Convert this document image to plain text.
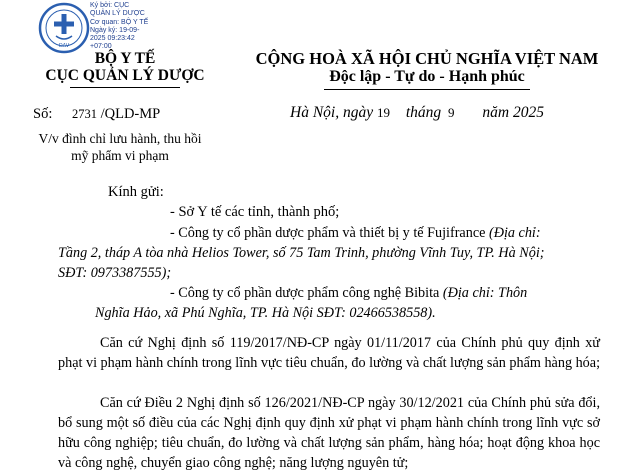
DAV
Ký bởi: CỤC QUẢN LÝ DƯỢC
Cơ quan: BỘ Y TẾ
Ngày ký: 19-09-2025 09:23:42
+07:00
BỘ Y TẾ
CỤC QUẢN LÝ DƯỢC
CỘNG HOÀ XÃ HỘI CHỦ NGHĨA VIỆT NAM
Độc lập - Tự do - Hạnh phúc
Số: 2731 /QLD-MP	Hà Nội, ngày 19 tháng 9 năm 2025
V/v đình chỉ lưu hành, thu hồi
mỹ phẩm vi phạm
Kính gửi:
- Sở Y tế các tỉnh, thành phố;
- Công ty cổ phần dược phẩm và thiết bị y tế Fujifrance (Địa chỉ:
Tầng 2, tháp A tòa nhà Helios Tower, số 75 Tam Trinh, phường Vĩnh Tuy, TP. Hà Nội;
SĐT: 0973387555);
- Công ty cổ phần dược phẩm công nghệ Bibita (Địa chỉ: Thôn
Nghĩa Hảo, xã Phú Nghĩa, TP. Hà Nội SĐT: 02466538558).
Căn cứ Nghị định số 119/2017/NĐ-CP ngày 01/11/2017 của Chính phủ quy định xử phạt vi phạm hành chính trong lĩnh vực tiêu chuẩn, đo lường và chất lượng sản phẩm hàng hóa;
Căn cứ Điều 2 Nghị định số 126/2021/NĐ-CP ngày 30/12/2021 của Chính phủ sửa đổi, bổ sung một số điều của các Nghị định quy định xử phạt vi phạm hành chính trong lĩnh vực sở hữu công nghiệp; tiêu chuẩn, đo lường và chất lượng sản phẩm, hàng hóa; hoạt động khoa học và công nghệ, chuyển giao công nghệ; năng lượng nguyên tử;
